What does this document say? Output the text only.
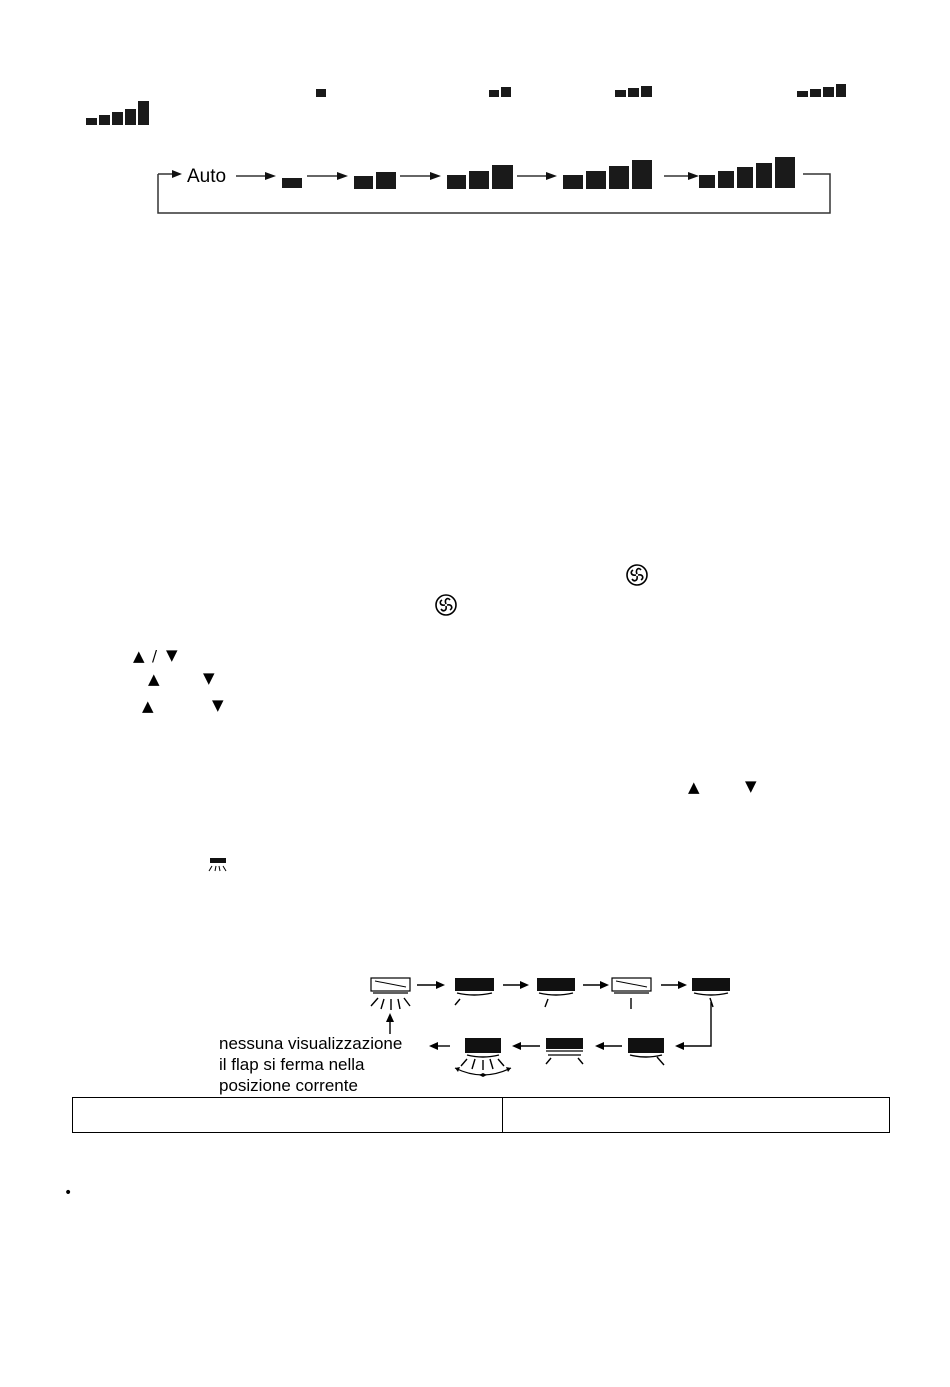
Auto
▲ / ▼
▲	▼
▲	▼
▲	▼
nessuna visualizzazione
il flap si ferma nella
posizione corrente
•
